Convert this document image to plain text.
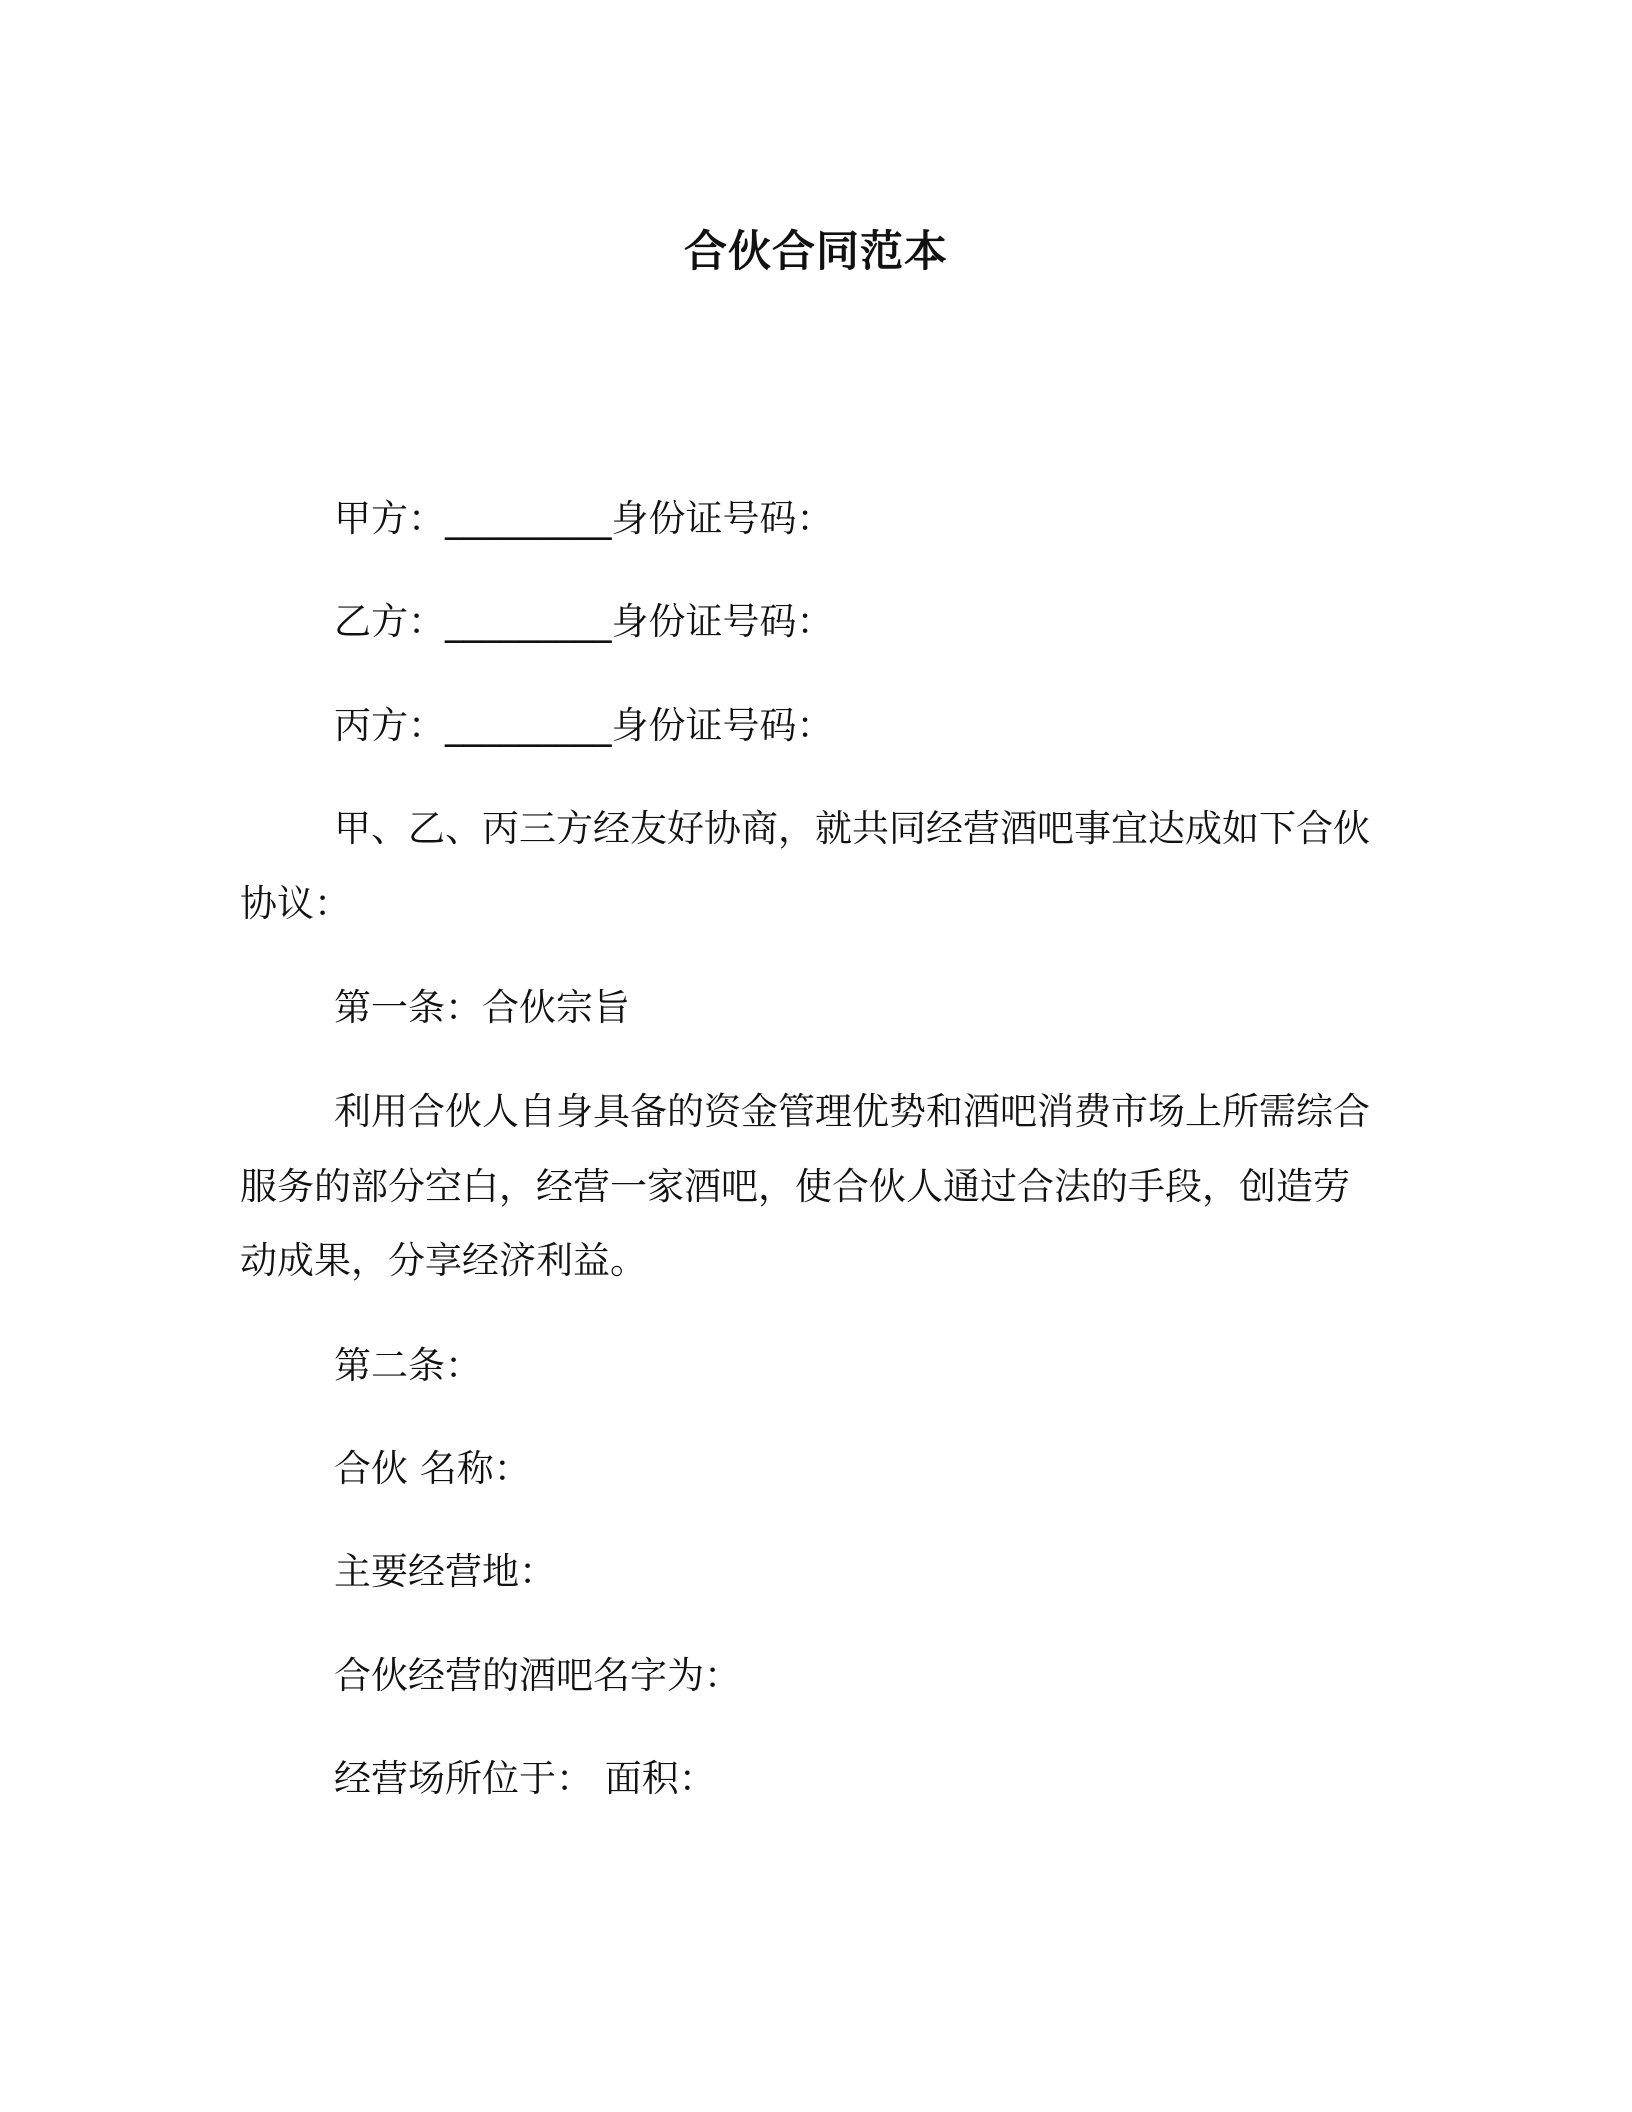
合伙合同范本

甲方：_________身份证号码：

乙方：_________身份证号码：

丙方：_________身份证号码：

甲、乙、丙三方经友好协商，就共同经营酒吧事宜达成如下合伙

协议：

第一条：合伙宗旨

利用合伙人自身具备的资金管理优势和酒吧消费市场上所需综合

服务的部分空白，经营一家酒吧，使合伙人通过合法的手段，创造劳

动成果，分享经济利益。

第二条：

合伙 名称：

主要经营地：

合伙经营的酒吧名字为：

经营场所位于： 面积：
